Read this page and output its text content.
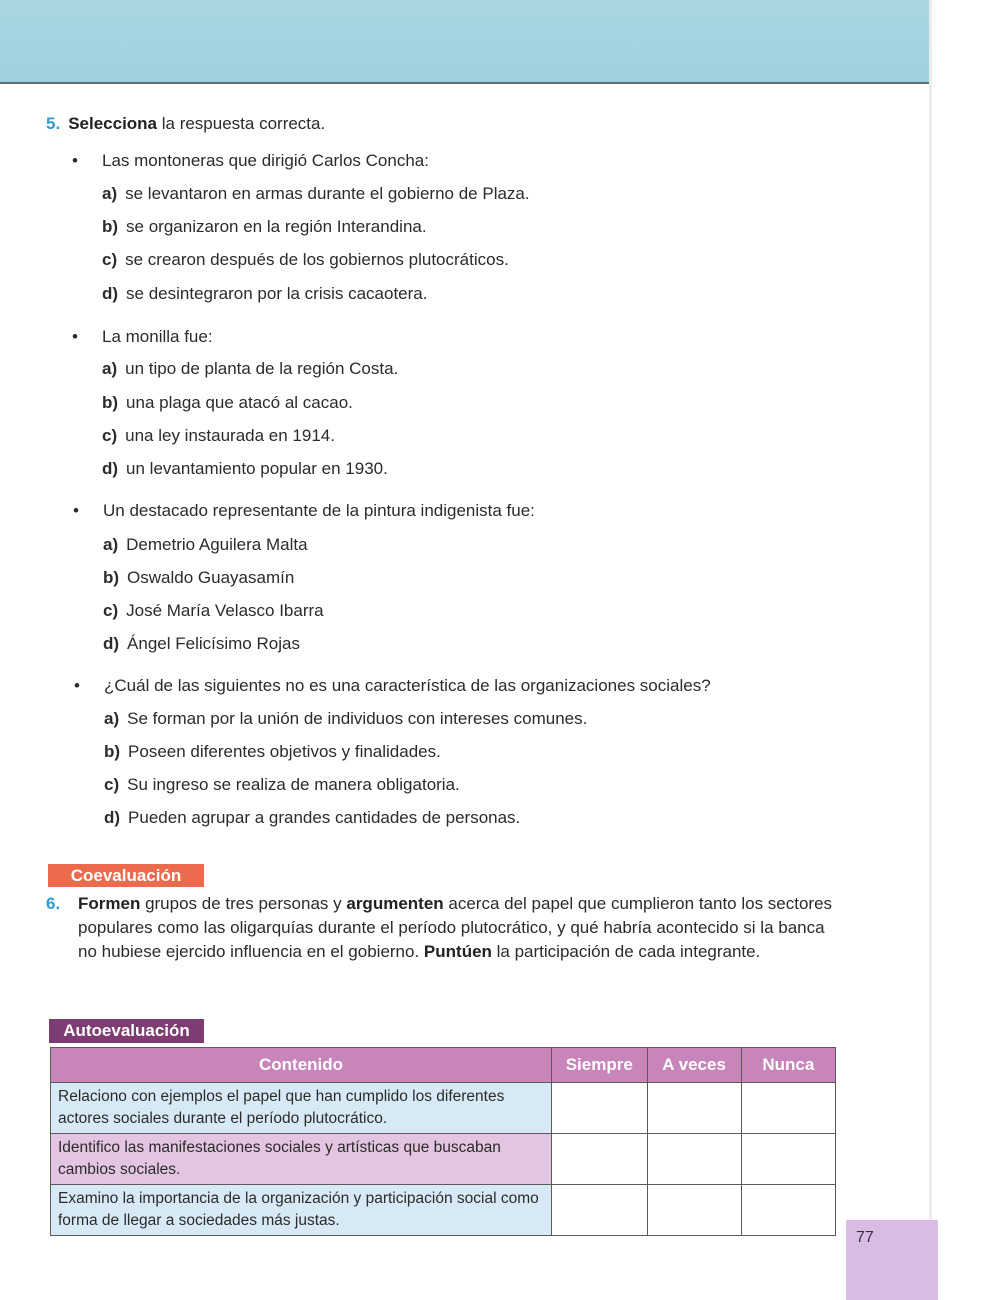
5. Selecciona la respuesta correcta.
• Las montoneras que dirigió Carlos Concha:
a) se levantaron en armas durante el gobierno de Plaza.
b) se organizaron en la región Interandina.
c) se crearon después de los gobiernos plutocráticos.
d) se desintegraron por la crisis cacaotera.
• La monilla fue:
a) un tipo de planta de la región Costa.
b) una plaga que atacó al cacao.
c) una ley instaurada en 1914.
d) un levantamiento popular en 1930.
• Un destacado representante de la pintura indigenista fue:
a) Demetrio Aguilera Malta
b) Oswaldo Guayasamín
c) José María Velasco Ibarra
d) Ángel Felicísimo Rojas
• ¿Cuál de las siguientes no es una característica de las organizaciones sociales?
a) Se forman por la unión de individuos con intereses comunes.
b) Poseen diferentes objetivos y finalidades.
c) Su ingreso se realiza de manera obligatoria.
d) Pueden agrupar a grandes cantidades de personas.
Coevaluación
6. Formen grupos de tres personas y argumenten acerca del papel que cumplieron tanto los sectores populares como las oligarquías durante el período plutocrático, y qué habría acontecido si la banca no hubiese ejercido influencia en el gobierno. Puntúen la participación de cada integrante.
Autoevaluación
Contenido	Siempre	A veces	Nunca
Relaciono con ejemplos el papel que han cumplido los diferentes actores sociales durante el período plutocrático.			
Identifico las manifestaciones sociales y artísticas que buscaban cambios sociales.			
Examino la importancia de la organización y participación social como forma de llegar a sociedades más justas.			
77
